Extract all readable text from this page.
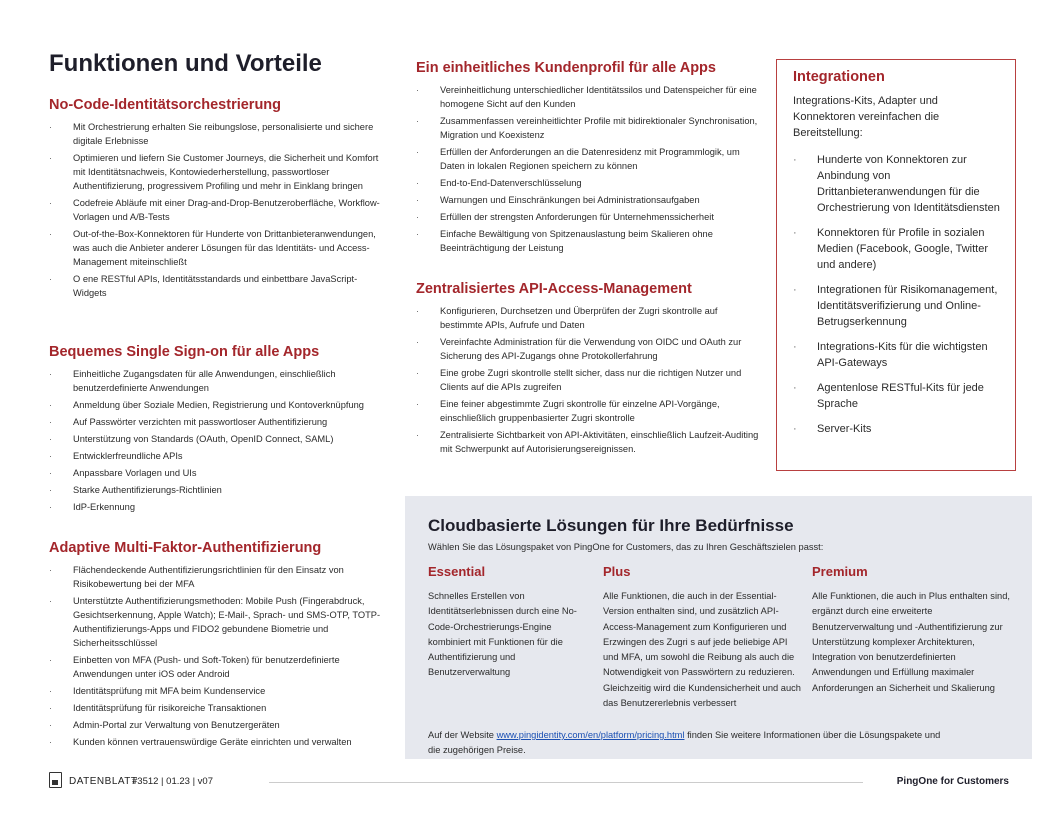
Funktionen und Vorteile
No-Code-Identitätsorchestrierung
· Mit Orchestrierung erhalten Sie reibungslose, personalisierte und sichere digitale Erlebnisse
· Optimieren und liefern Sie Customer Journeys, die Sicherheit und Komfort mit Identitätsnachweis, Kontowiederherstellung, passwortloser Authentifizierung, progressivem Profiling und mehr in Einklang bringen
· Codefreie Abläufe mit einer Drag-and-Drop-Benutzeroberfläche, Workflow-Vorlagen und A/B-Tests
· Out-of-the-Box-Konnektoren für Hunderte von Drittanbieteranwendungen, was auch die Anbieter anderer Lösungen für das Identitäts- und Access-Management miteinschließt
· O ene RESTful APIs, Identitätsstandards und einbettbare JavaScript-Widgets
Bequemes Single Sign-on für alle Apps
· Einheitliche Zugangsdaten für alle Anwendungen, einschließlich benutzerdefinierte Anwendungen
· Anmeldung über Soziale Medien, Registrierung und Kontoverknüpfung
· Auf Passwörter verzichten mit passwortloser Authentifizierung
· Unterstützung von Standards (OAuth, OpenID Connect, SAML)
· Entwicklerfreundliche APIs
· Anpassbare Vorlagen und UIs
· Starke Authentifizierungs-Richtlinien
· IdP-Erkennung
Adaptive Multi-Faktor-Authentifizierung
· Flächendeckende Authentifizierungsrichtlinien für den Einsatz von Risikobewertung bei der MFA
· Unterstützte Authentifizierungsmethoden: Mobile Push (Fingerabdruck, Gesichtserkennung, Apple Watch); E-Mail-, Sprach- und SMS-OTP, TOTP-Authentifizierungs-Apps und FIDO2 gebundene Biometrie und Sicherheitsschlüssel
· Einbetten von MFA (Push- und Soft-Token) für benutzerdefinierte Anwendungen unter iOS oder Android
· Identitätsprüfung mit MFA beim Kundenservice
· Identitätsprüfung für risikoreiche Transaktionen
· Admin-Portal zur Verwaltung von Benutzergeräten
· Kunden können vertrauenswürdige Geräte einrichten und verwalten
Ein einheitliches Kundenprofil für alle Apps
· Vereinheitlichung unterschiedlicher Identitätssilos und Datenspeicher für eine homogene Sicht auf den Kunden
· Zusammenfassen vereinheitlichter Profile mit bidirektionaler Synchronisation, Migration und Koexistenz
· Erfüllen der Anforderungen an die Datenresidenz mit Programmlogik, um Daten in lokalen Regionen speichern zu können
· End-to-End-Datenverschlüsselung
· Warnungen und Einschränkungen bei Administrationsaufgaben
· Erfüllen der strengsten Anforderungen für Unternehmenssicherheit
· Einfache Bewältigung von Spitzenauslastung beim Skalieren ohne Beeinträchtigung der Leistung
Zentralisiertes API-Access-Management
· Konfigurieren, Durchsetzen und Überprüfen der Zugri skontrolle auf bestimmte APIs, Aufrufe und Daten
· Vereinfachte Administration für die Verwendung von OIDC und OAuth zur Sicherung des API-Zugangs ohne Protokollerfahrung
· Eine grobe Zugri skontrolle stellt sicher, dass nur die richtigen Nutzer und Clients auf die APIs zugreifen
· Eine feiner abgestimmte Zugri skontrolle für einzelne API-Vorgänge, einschließlich gruppenbasierter Zugri skontrolle
· Zentralisierte Sichtbarkeit von API-Aktivitäten, einschließlich Laufzeit-Auditing mit Schwerpunkt auf Autorisierungsereignissen.
Integrationen
Integrations-Kits, Adapter und Konnektoren vereinfachen die Bereitstellung:
· Hunderte von Konnektoren zur Anbindung von Drittanbieteranwendungen für die Orchestrierung von Identitätsdiensten
· Konnektoren für Profile in sozialen Medien (Facebook, Google, Twitter und andere)
· Integrationen für Risikomanagement, Identitätsverifizierung und Online-Betrugserkennung
· Integrations-Kits für die wichtigsten API-Gateways
· Agentenlose RESTful-Kits für jede Sprache
· Server-Kits
Cloudbasierte Lösungen für Ihre Bedürfnisse
Wählen Sie das Lösungspaket von PingOne for Customers, das zu Ihren Geschäftszielen passt:
Essential
Schnelles Erstellen von Identitätserlebnissen durch eine No-Code-Orchestrierungs-Engine kombiniert mit Funktionen für die Authentifizierung und Benutzerverwaltung
Plus
Alle Funktionen, die auch in der Essential-Version enthalten sind, und zusätzlich API-Access-Management zum Konfigurieren und Erzwingen des Zugri s auf jede beliebige API und MFA, um sowohl die Reibung als auch die Notwendigkeit von Passwörtern zu reduzieren. Gleichzeitig wird die Kundensicherheit und auch das Benutzererlebnis verbessert
Premium
Alle Funktionen, die auch in Plus enthalten sind, ergänzt durch eine erweiterte Benutzerverwaltung und -Authentifizierung zur Unterstützung komplexer Architekturen, Integration von benutzerdefinierten Anwendungen und Erfüllung maximaler Anforderungen an Sicherheit und Skalierung
Auf der Website www.pingidentity.com/en/platform/pricing.html finden Sie weitere Informationen über die Lösungspakete und die zugehörigen Preise.
DATENBLATT
#3512 | 01.23 | v07	PingOne for Customers
